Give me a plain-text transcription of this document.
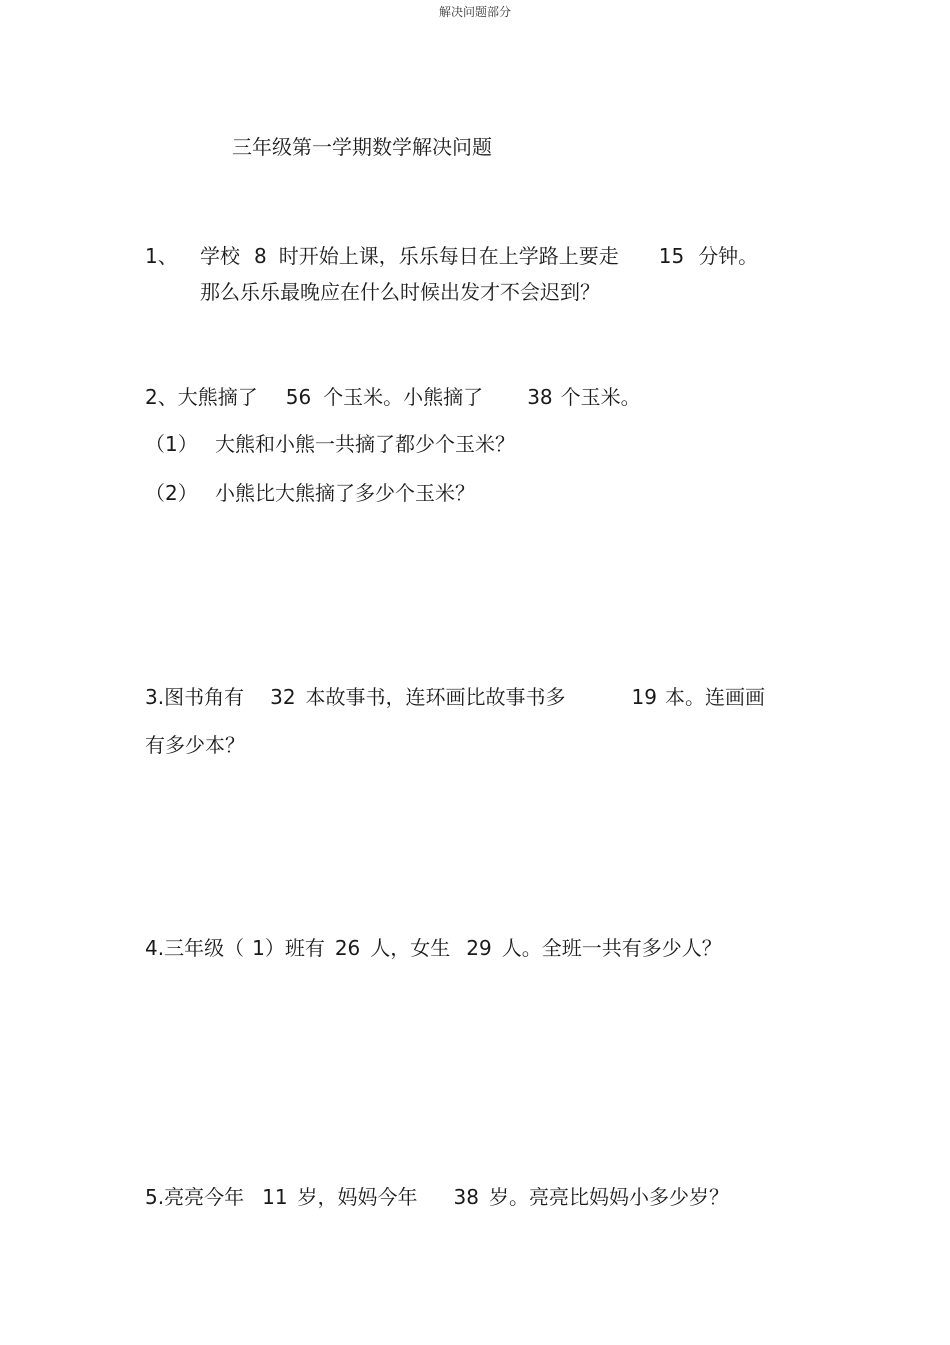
解决问题部分
三年级第一学期数学解决问题
1、 学校 8 时开始上课，乐乐每日在上学路上要走 15 分钟。
那么乐乐最晚应在什么时候出发才不会迟到？
2、大熊摘了 56 个玉米。小熊摘了 38 个玉米。
（1） 大熊和小熊一共摘了都少个玉米？
（2） 小熊比大熊摘了多少个玉米？
3.图书角有 32 本故事书，连环画比故事书多	19 本。连画画
有多少本？
4.三年级（ 1）班有 26 人，女生 29 人。全班一共有多少人？
5.亮亮今年 11 岁，妈妈今年 38 岁。亮亮比妈妈小多少岁？
